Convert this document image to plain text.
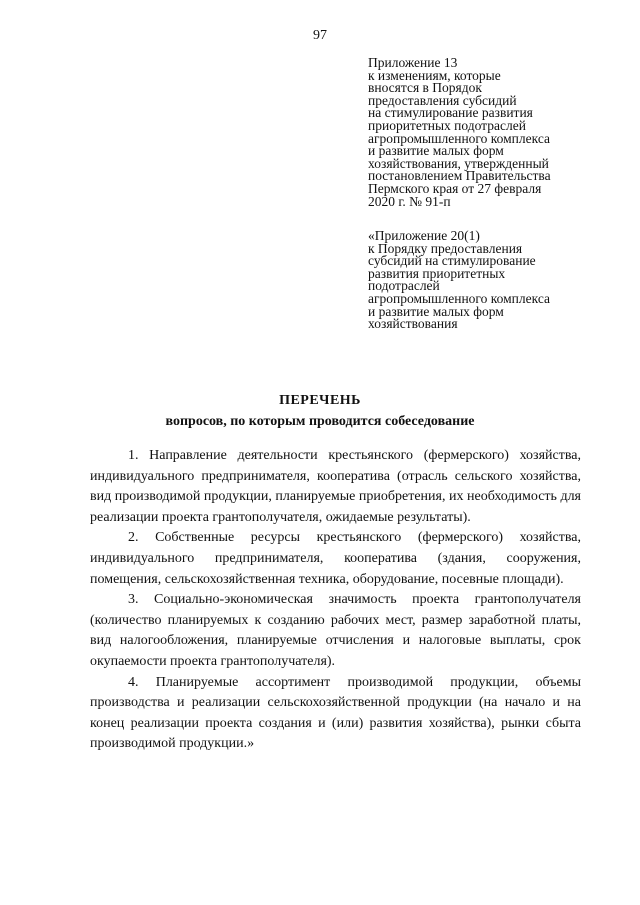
97
Приложение 13
к изменениям, которые
вносятся в Порядок
предоставления субсидий
на стимулирование развития
приоритетных подотраслей
агропромышленного комплекса
и развитие малых форм
хозяйствования, утвержденный
постановлением Правительства
Пермского края от 27 февраля
2020 г. № 91-п
«Приложение 20(1)
к Порядку предоставления
субсидий на стимулирование
развития приоритетных
подотраслей
агропромышленного комплекса
и развитие малых форм
хозяйствования
ПЕРЕЧЕНЬ
вопросов, по которым проводится собеседование

1. Направление деятельности крестьянского (фермерского) хозяйства, индивидуального предпринимателя, кооператива (отрасль сельского хозяйства, вид производимой продукции, планируемые приобретения, их необходимость для реализации проекта грантополучателя, ожидаемые результаты).

2. Собственные ресурсы крестьянского (фермерского) хозяйства, индивидуального предпринимателя, кооператива (здания, сооружения, помещения, сельскохозяйственная техника, оборудование, посевные площади).

3. Социально-экономическая значимость проекта грантополучателя (количество планируемых к созданию рабочих мест, размер заработной платы, вид налогообложения, планируемые отчисления и налоговые выплаты, срок окупаемости проекта грантополучателя).

4. Планируемые ассортимент производимой продукции, объемы производства и реализации сельскохозяйственной продукции (на начало и на конец реализации проекта создания и (или) развития хозяйства), рынки сбыта производимой продукции.»
